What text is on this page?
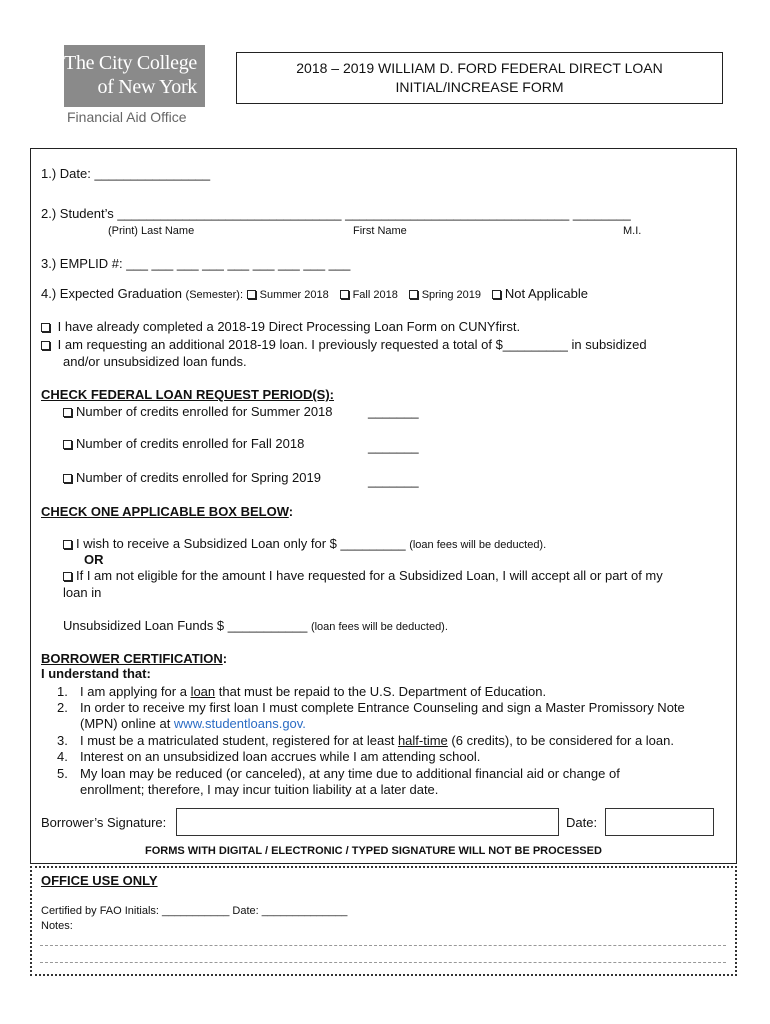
The City College
of New York
Financial Aid Office
2018 – 2019 WILLIAM D. FORD FEDERAL DIRECT LOAN
INITIAL/INCREASE FORM
1.) Date: ________________
2.) Student’s _______________________________ _______________________________ ________
(Print) Last Name	First Name	M.I.
3.) EMPLID #: ___ ___ ___ ___ ___ ___ ___ ___ ___
4.) Expected Graduation (Semester): Summer 2018 Fall 2018 Spring 2019 Not Applicable
I have already completed a 2018-19 Direct Processing Loan Form on CUNYfirst.
I am requesting an additional 2018-19 loan. I previously requested a total of $_________ in subsidized
and/or unsubsidized loan funds.
CHECK FEDERAL LOAN REQUEST PERIOD(S):
Number of credits enrolled for Summer 2018	_______
Number of credits enrolled for Fall 2018	_______
Number of credits enrolled for Spring 2019	_______
CHECK ONE APPLICABLE BOX BELOW:
I wish to receive a Subsidized Loan only for $ _________ (loan fees will be deducted).
OR
If I am not eligible for the amount I have requested for a Subsidized Loan, I will accept all or part of my
loan in
Unsubsidized Loan Funds $ ___________ (loan fees will be deducted).
BORROWER CERTIFICATION:
I understand that:
1. I am applying for a loan that must be repaid to the U.S. Department of Education.
2. In order to receive my first loan I must complete Entrance Counseling and sign a Master Promissory Note
(MPN) online at www.studentloans.gov.
3. I must be a matriculated student, registered for at least half-time (6 credits), to be considered for a loan.
4. Interest on an unsubsidized loan accrues while I am attending school.
5. My loan may be reduced (or canceled), at any time due to additional financial aid or change of
enrollment; therefore, I may incur tuition liability at a later date.
Borrower’s Signature:	Date:
FORMS WITH DIGITAL / ELECTRONIC / TYPED SIGNATURE WILL NOT BE PROCESSED
OFFICE USE ONLY
Certified by FAO Initials: ___________ Date: ______________
Notes:
